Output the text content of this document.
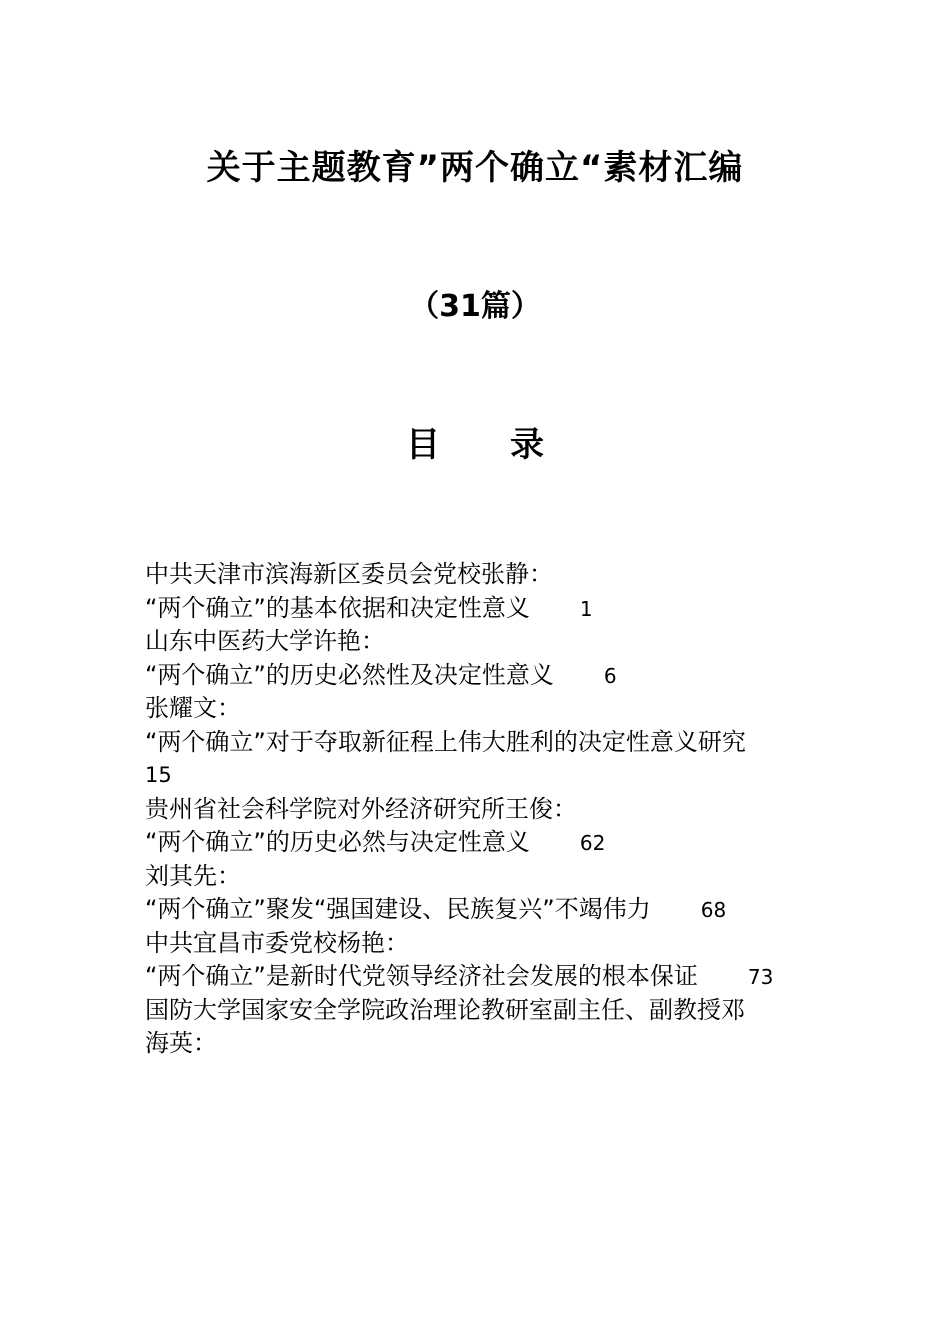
关于主题教育”两个确立“素材汇编
（31篇）
目 录
中共天津市滨海新区委员会党校张静：
“两个确立”的基本依据和决定性意义	1
山东中医药大学许艳：
“两个确立”的历史必然性及决定性意义	6
张耀文：
“两个确立”对于夺取新征程上伟大胜利的决定性意义研究
15
贵州省社会科学院对外经济研究所王俊：
“两个确立”的历史必然与决定性意义	62
刘其先：
“两个确立”聚发“强国建设、民族复兴”不竭伟力	68
中共宜昌市委党校杨艳：
“两个确立”是新时代党领导经济社会发展的根本保证	73
国防大学国家安全学院政治理论教研室副主任、副教授邓
海英：
